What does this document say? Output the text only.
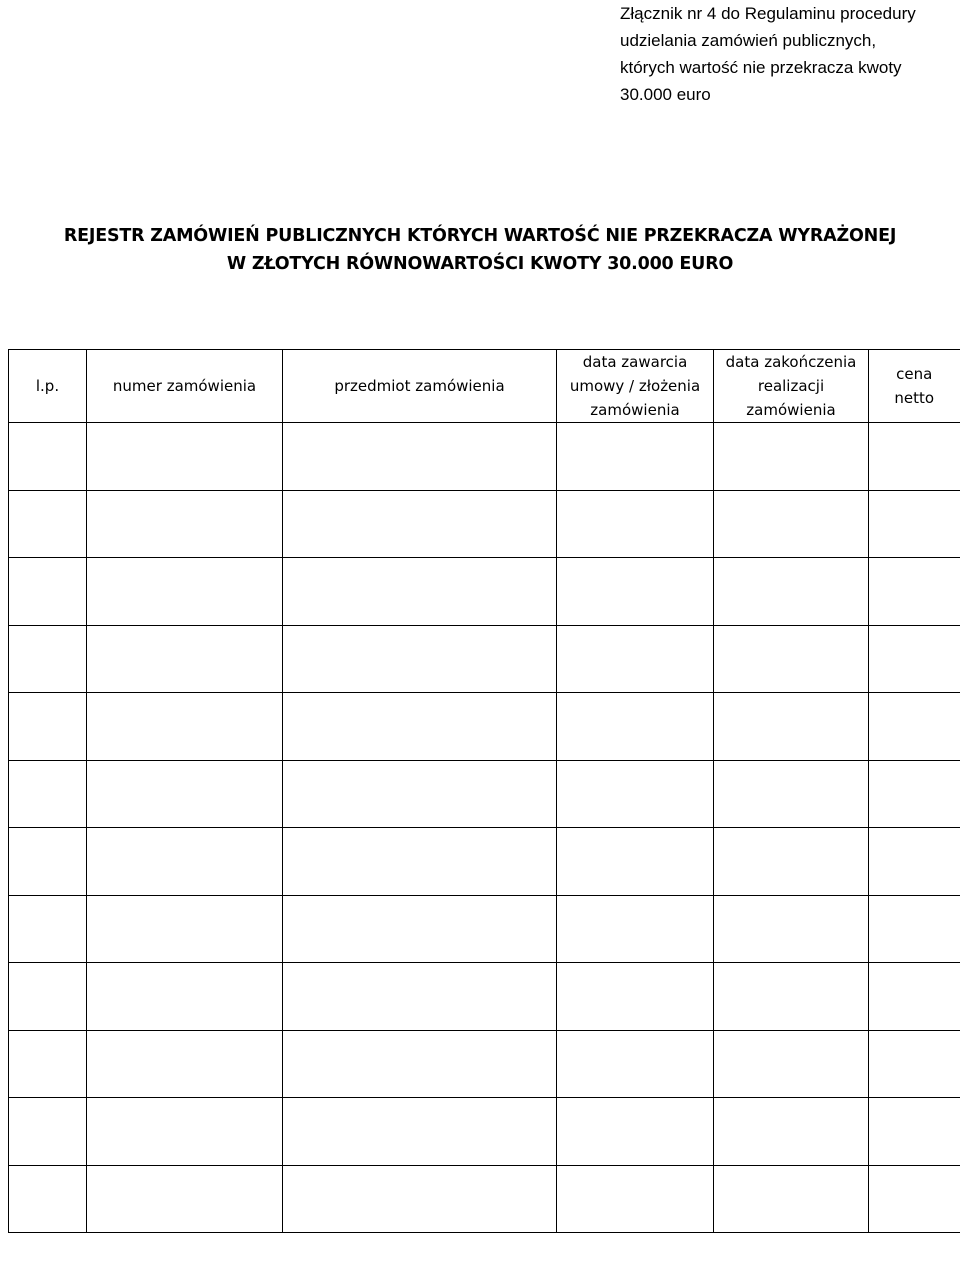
Złącznik nr 4 do Regulaminu procedury
udzielania zamówień publicznych,
których wartość nie przekracza kwoty
30.000 euro
REJESTR ZAMÓWIEŃ PUBLICZNYCH KTÓRYCH WARTOŚĆ NIE PRZEKRACZA WYRAŻONEJ
W ZŁOTYCH RÓWNOWARTOŚCI KWOTY 30.000 EURO
l.p.	numer zamówienia	przedmiot zamówienia	data zawarcia
umowy / złożenia
zamówienia	data zakończenia
realizacji
zamówienia	cena
netto
